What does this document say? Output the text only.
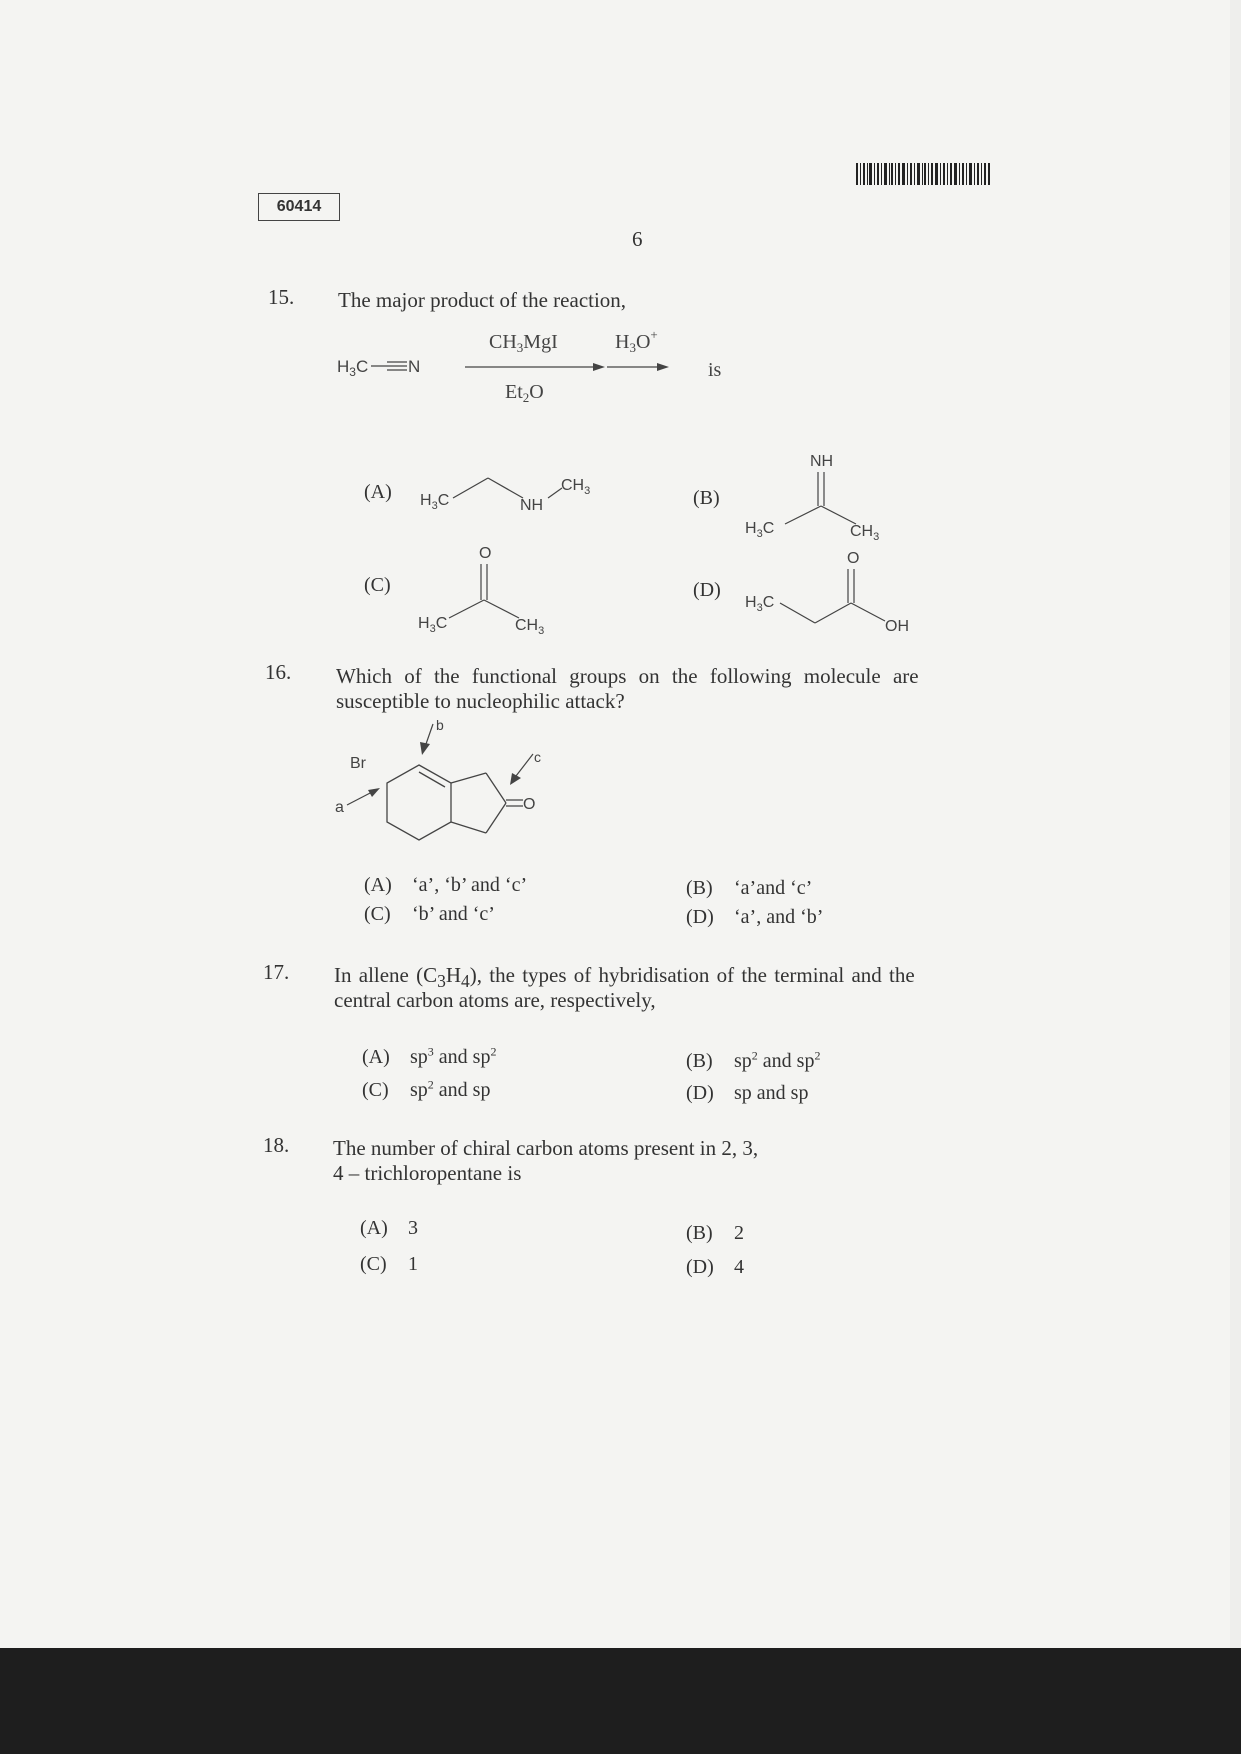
60414
6
15. The major product of the reaction,
$H_3C$ N
$CH_3MgI$
$Et_2O$
$H_3O^+$
is
(A) $H_3C$	NH
$CH_3$	(B)
NH
$H_3C$	$CH_3$
(C)
O
$H_3C$	$CH_3$
(D)
$H_3C$
O
OH
16. Which of the functional groups on the following molecule are
susceptible to nucleophilic attack?
O
Br
a
b
c
(A) ‘a’, ‘b’ and ‘c’	(B) ‘a’and ‘c’
(C) ‘b’ and ‘c’	(D) ‘a’, and ‘b’
17. In allene $(C_3H_4)$, the types of hybridisation of the terminal and the
central carbon atoms are, respectively,
(A) $sp^3$ and $sp^2$	(B) $sp^2$ and $sp^2$
(C) $sp^2$ and sp	(D) sp and sp
18. The number of chiral carbon atoms present in 2, 3,
4 – trichloropentane is
(A) 3	(B) 2
(C) 1	(D) 4
